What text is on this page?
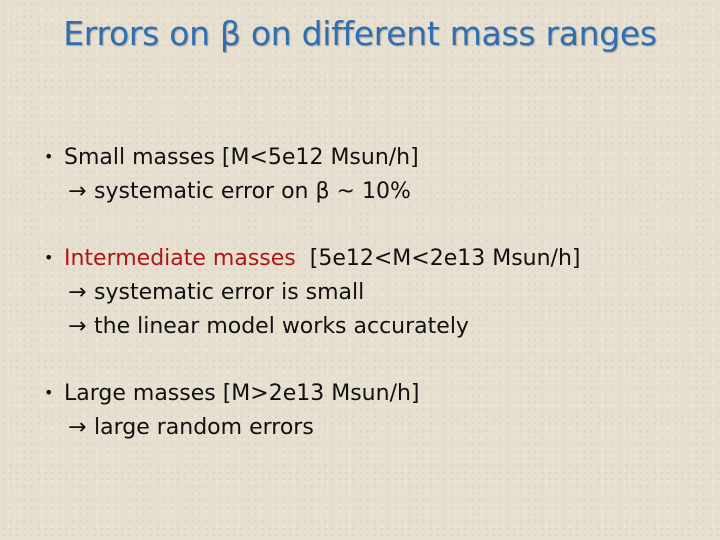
Errors on β on different mass ranges
• Small masses [M<5e12 Msun/h]
→ systematic error on β ~ 10%
• Intermediate masses  [5e12<M<2e13 Msun/h]
→ systematic error is small
→ the linear model works accurately
• Large masses [M>2e13 Msun/h]
→ large random errors
